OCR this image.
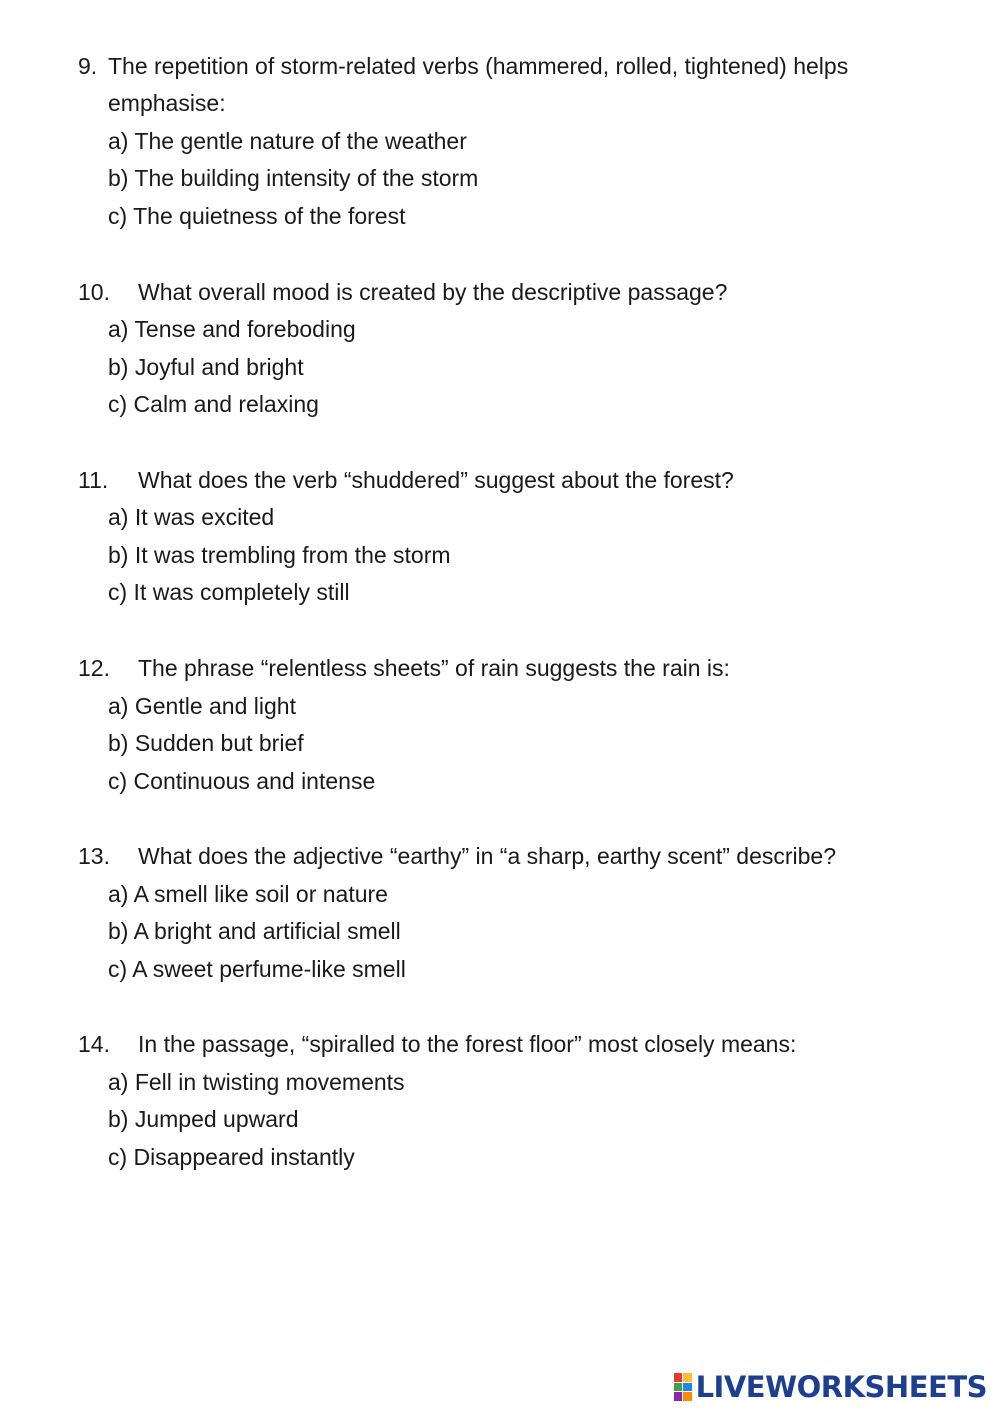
9. The repetition of storm-related verbs (hammered, rolled, tightened) helps
emphasise:
a) The gentle nature of the weather
b) The building intensity of the storm
c) The quietness of the forest
10. What overall mood is created by the descriptive passage?
a) Tense and foreboding
b) Joyful and bright
c) Calm and relaxing
11. What does the verb “shuddered” suggest about the forest?
a) It was excited
b) It was trembling from the storm
c) It was completely still
12. The phrase “relentless sheets” of rain suggests the rain is:
a) Gentle and light
b) Sudden but brief
c) Continuous and intense
13. What does the adjective “earthy” in “a sharp, earthy scent” describe?
a) A smell like soil or nature
b) A bright and artificial smell
c) A sweet perfume-like smell
14. In the passage, “spiralled to the forest floor” most closely means:
a) Fell in twisting movements
b) Jumped upward
c) Disappeared instantly
LIVEWORKSHEETS
